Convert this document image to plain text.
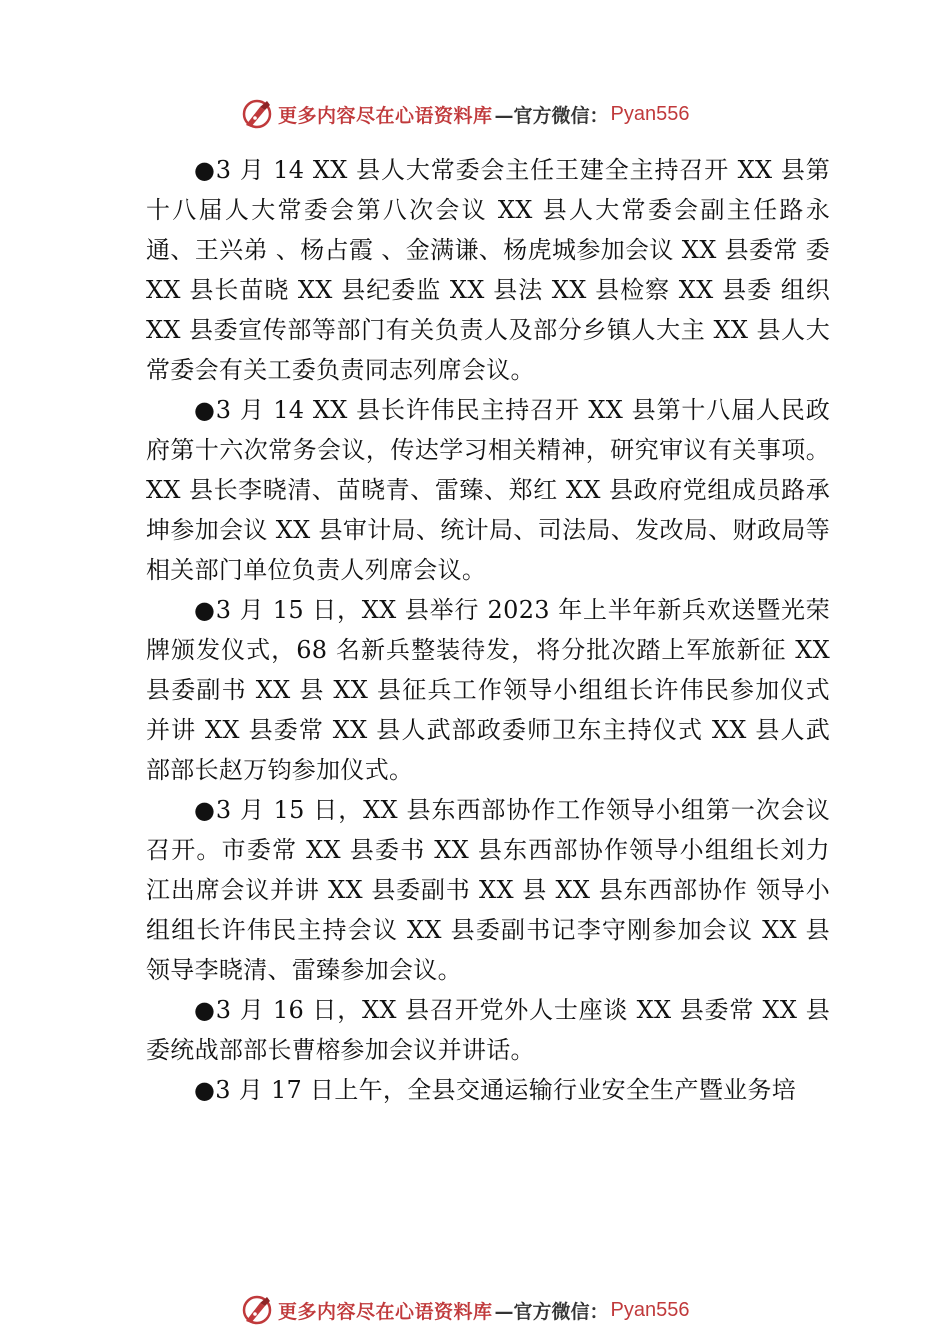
更多内容尽在心语资料库 —官方微信： Pyan556

●3 月 14 XX 县人大常委会主任王建全主持召开 XX 县第十八届人大常委会第八次会议 XX 县人大常委会副主任路永 通、王兴弟 、杨占霞 、金满谦、杨虎城参加会议 XX 县委常 委 XX 县长苗晓 XX 县纪委监 XX 县法 XX 县检察 XX 县委 组织 XX 县委宣传部等部门有关负责人及部分乡镇人大主 XX 县人大常委会有关工委负责同志列席会议。

●3 月 14 XX 县长许伟民主持召开 XX 县第十八届人民政府第十六次常务会议，传达学习相关精神，研究审议有关事项。XX 县长李晓清、苗晓青、雷臻、郑红 XX 县政府党组成员路承坤参加会议 XX 县审计局、统计局、司法局、发改局、财政局等相关部门单位负责人列席会议。

●3 月 15 日，XX 县举行 2023 年上半年新兵欢送暨光荣牌颁发仪式，68 名新兵整装待发，将分批次踏上军旅新征 XX 县委副书 XX 县 XX 县征兵工作领导小组组长许伟民参加仪式并讲 XX 县委常 XX 县人武部政委师卫东主持仪式 XX 县人武部部长赵万钧参加仪式。

●3 月 15 日，XX 县东西部协作工作领导小组第一次会议召开。市委常 XX 县委书 XX 县东西部协作领导小组组长刘力江出席会议并讲 XX 县委副书 XX 县 XX 县东西部协作 领导小组组长许伟民主持会议 XX 县委副书记李守刚参加会议 XX 县领导李晓清、雷臻参加会议。

●3 月 16 日，XX 县召开党外人士座谈 XX 县委常 XX 县委统战部部长曹榕参加会议并讲话。

●3 月 17 日上午，全县交通运输行业安全生产暨业务培

更多内容尽在心语资料库 —官方微信： Pyan556
